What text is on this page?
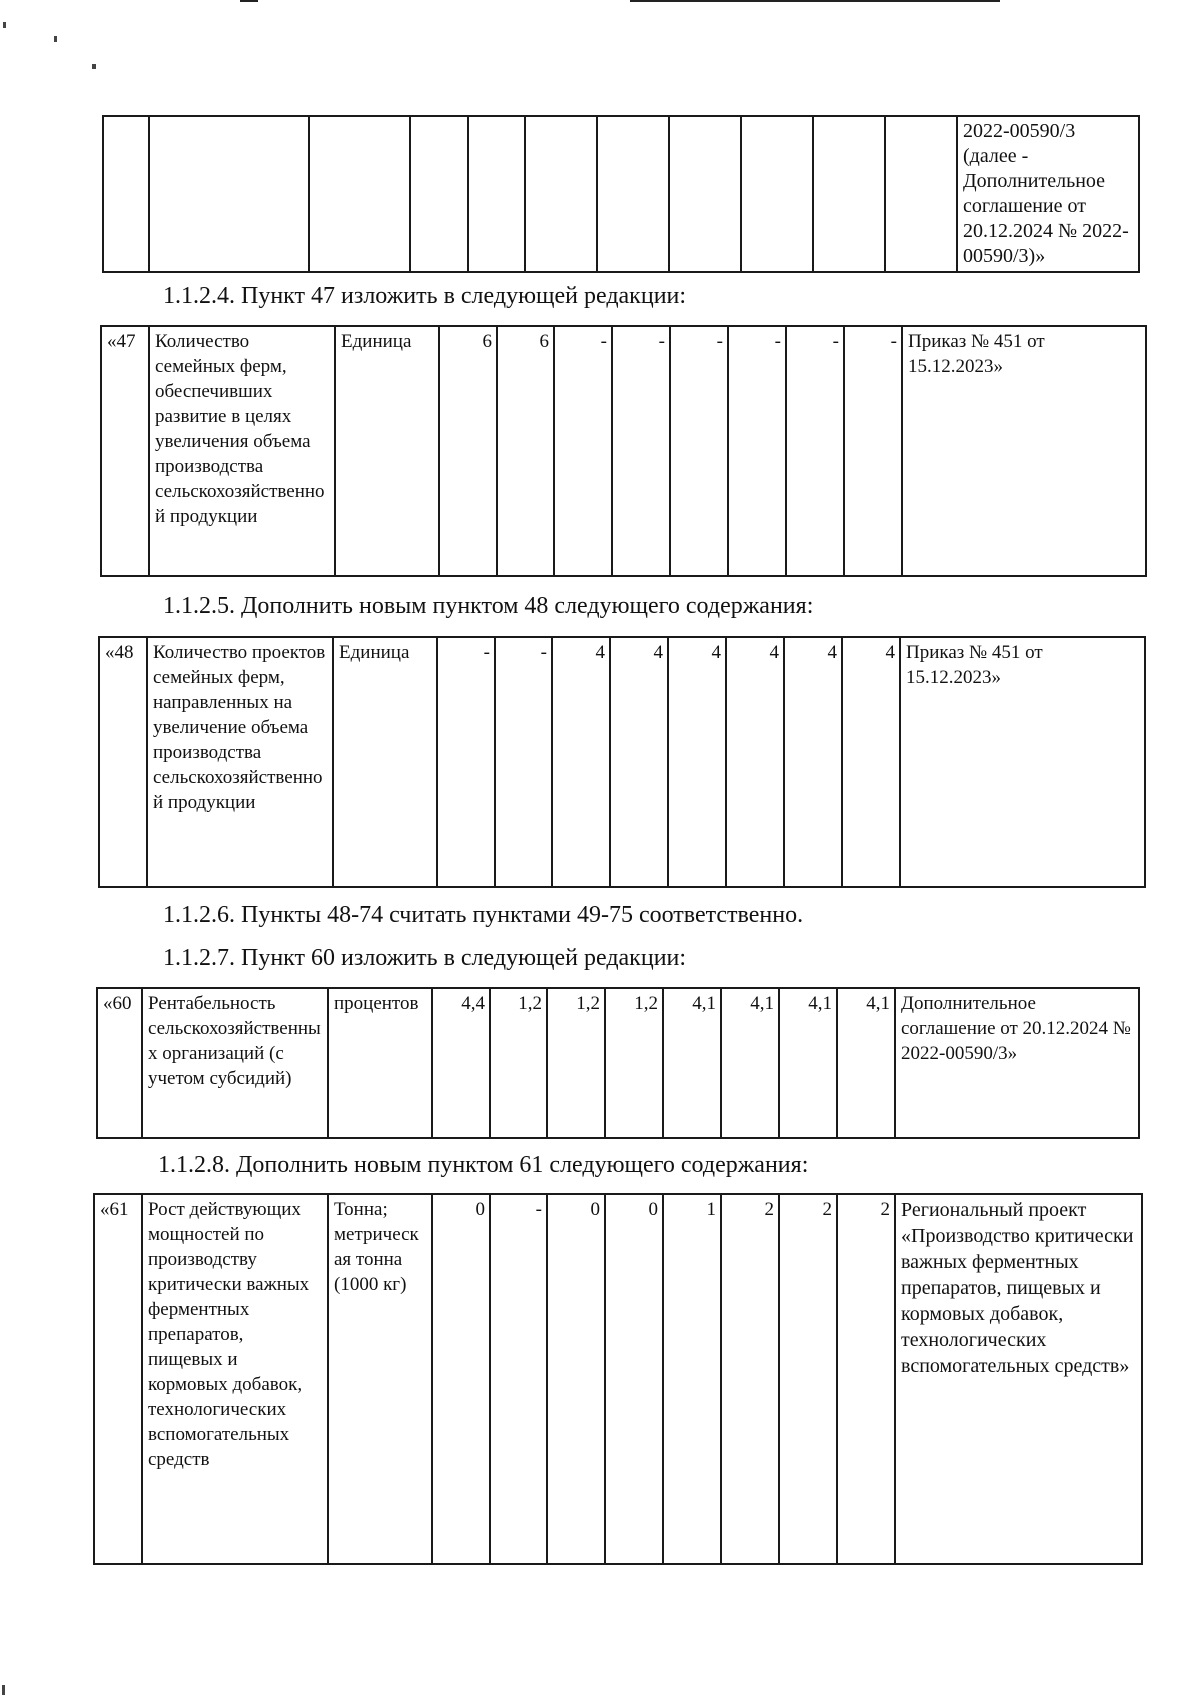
											2022-00590/3 (далее - Дополнительное соглашение от 20.12.2024 № 2022-00590/3)»
1.1.2.4. Пункт 47 изложить в следующей редакции:
«47	Количество семейных ферм, обеспечивших развитие в целях увеличения объема производства сельскохозяйственной продукции	Единица	6	6	-	-	-	-	-	-	Приказ № 451 от 15.12.2023»
1.1.2.5. Дополнить новым пунктом 48 следующего содержания:
«48	Количество проектов семейных ферм, направленных на увеличение объема производства сельскохозяйственной продукции	Единица	-	-	4	4	4	4	4	4	Приказ № 451 от 15.12.2023»
1.1.2.6. Пункты 48-74 считать пунктами 49-75 соответственно.
1.1.2.7. Пункт 60 изложить в следующей редакции:
«60	Рентабельность сельскохозяйственных организаций (с учетом субсидий)	процентов	4,4	1,2	1,2	1,2	4,1	4,1	4,1	4,1	Дополнительное соглашение от 20.12.2024 № 2022-00590/3»
1.1.2.8. Дополнить новым пунктом 61 следующего содержания:
«61	Рост действующих мощностей по производству критически важных ферментных препаратов, пищевых и кормовых добавок, технологических вспомогательных средств	Тонна; метрическая тонна (1000 кг)	0	-	0	0	1	2	2	2	Региональный проект «Производство критически важных ферментных препаратов, пищевых и кормовых добавок, технологических вспомогательных средств»
